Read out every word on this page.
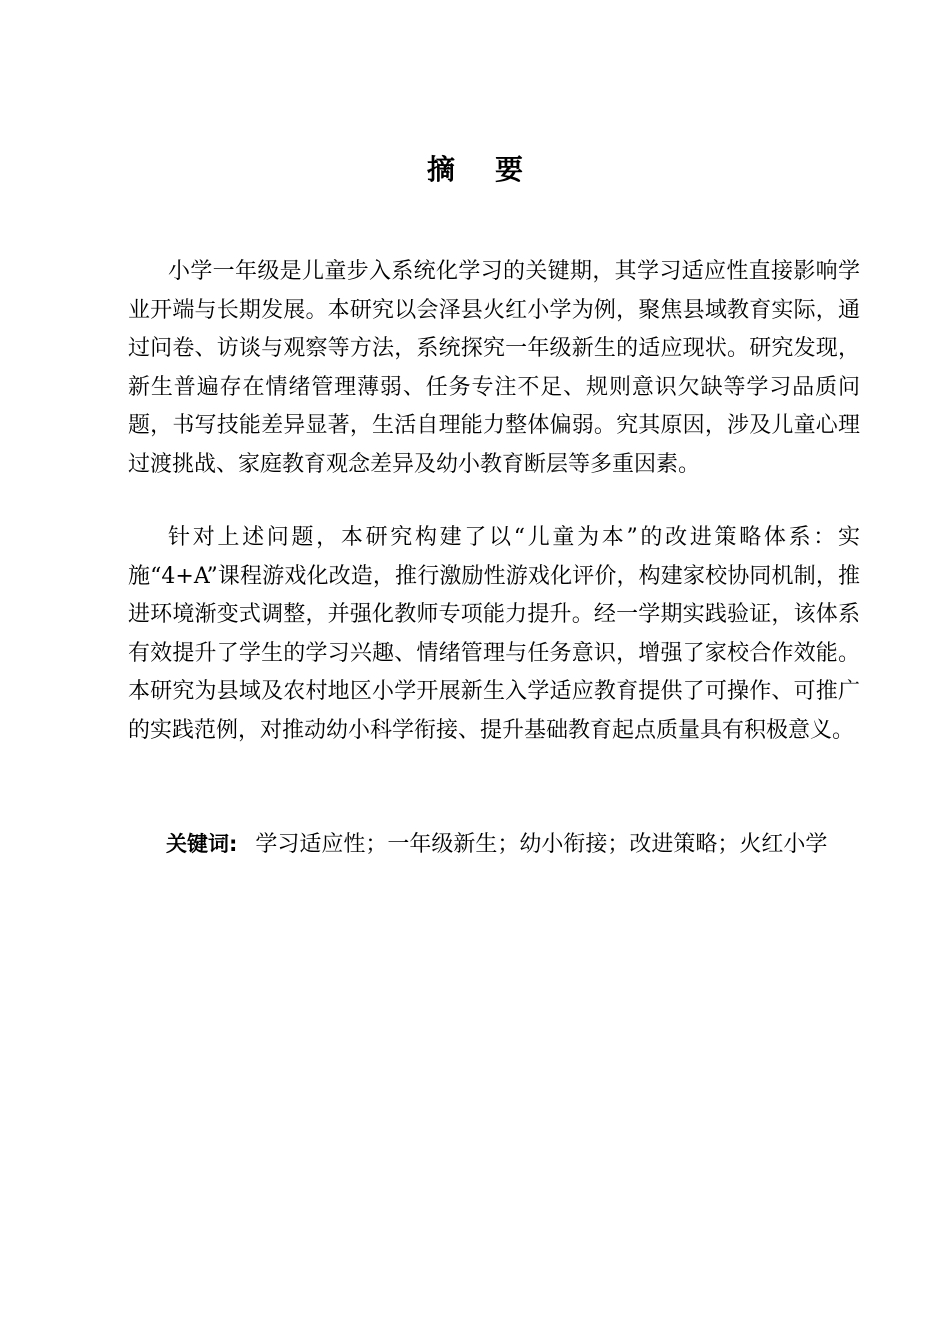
摘要

小学一年级是儿童步入系统化学习的关键期，其学习适应性直接影响学业开端与长期发展。本研究以会泽县火红小学为例，聚焦县域教育实际，通过问卷、访谈与观察等方法，系统探究一年级新生的适应现状。研究发现，新生普遍存在情绪管理薄弱、任务专注不足、规则意识欠缺等学习品质问题，书写技能差异显著，生活自理能力整体偏弱。究其原因，涉及儿童心理过渡挑战、家庭教育观念差异及幼小教育断层等多重因素。

针对上述问题，本研究构建了以“儿童为本”的改进策略体系：实施“4+A”课程游戏化改造，推行激励性游戏化评价，构建家校协同机制，推进环境渐变式调整，并强化教师专项能力提升。经一学期实践验证，该体系有效提升了学生的学习兴趣、情绪管理与任务意识，增强了家校合作效能。本研究为县域及农村地区小学开展新生入学适应教育提供了可操作、可推广的实践范例，对推动幼小科学衔接、提升基础教育起点质量具有积极意义。

关键词: 学习适应性；一年级新生；幼小衔接；改进策略；火红小学
